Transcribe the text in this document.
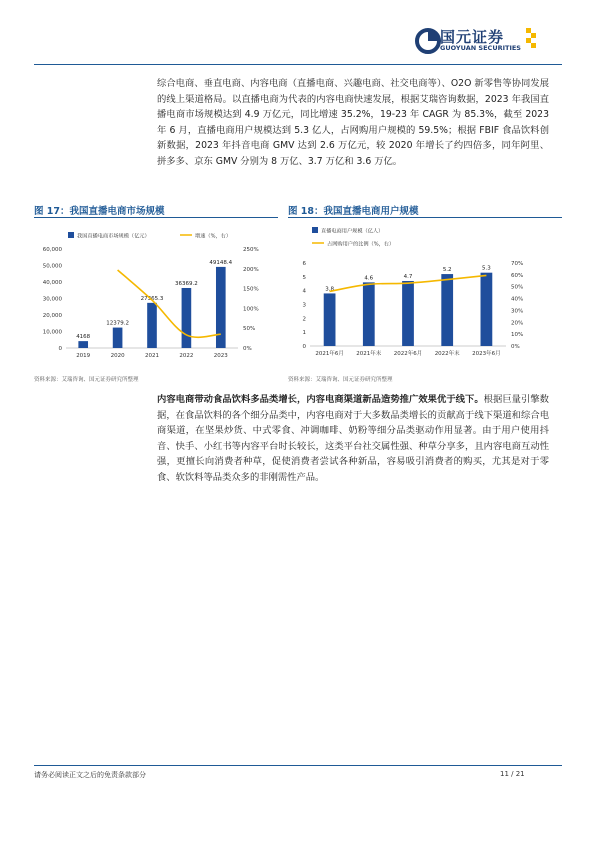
国元证券
GUOYUAN SECURITIES
综合电商、垂直电商、内容电商（直播电商、兴趣电商、社交电商等）、O2O 新零售等协同发展的线上渠道格局。以直播电商为代表的内容电商快速发展，根据艾瑞咨询数据，2023 年我国直播电商市场规模达到 4.9 万亿元，同比增速 35.2%，19-23 年 CAGR 为 85.3%，截至 2023 年 6 月，直播电商用户规模达到 5.3 亿人，占网购用户规模的 59.5%；根据 FBIF 食品饮料创新数据，2023 年抖音电商 GMV 达到 2.6 万亿元，较 2020 年增长了约四倍多，同年阿里、拼多多、京东 GMV 分别为 8 万亿、3.7 万亿和 3.6 万亿。
图 17：我国直播电商市场规模
我国直播电商市场规模（亿元）	增速（%，右）
0
10,000
20,000
30,000
40,000
50,000
60,000
0%
50%
100%
150%
200%
250%
4168
2019
12379.2
2020
27365.3
2021
36369.2
2022
49148.4
2023
资料来源：艾瑞咨询、国元证券研究所整理
图 18：我国直播电商用户规模
直播电商用户规模（亿人）
占网购用户的比例（%，右）
0
1
2
3
4
5
6
0%
10%
20%
30%
40%
50%
60%
70%
3.8
2021年6月
4.6
2021年末
4.7
2022年6月
5.2
2022年末
5.3
2023年6月
资料来源：艾瑞咨询、国元证券研究所整理
内容电商带动食品饮料多品类增长，内容电商渠道新品造势推广效果优于线下。根据巨量引擎数据，在食品饮料的各个细分品类中，内容电商对于大多数品类增长的贡献高于线下渠道和综合电商渠道，在坚果炒货、中式零食、冲调咖啡、奶粉等细分品类驱动作用显著。由于用户使用抖音、快手、小红书等内容平台时长较长，这类平台社交属性强、种草分享多，且内容电商互动性强，更擅长向消费者种草，促使消费者尝试各种新品，容易吸引消费者的购买，尤其是对于零食、软饮料等品类众多的非刚需性产品。
请务必阅读正文之后的免责条款部分	11 / 21
